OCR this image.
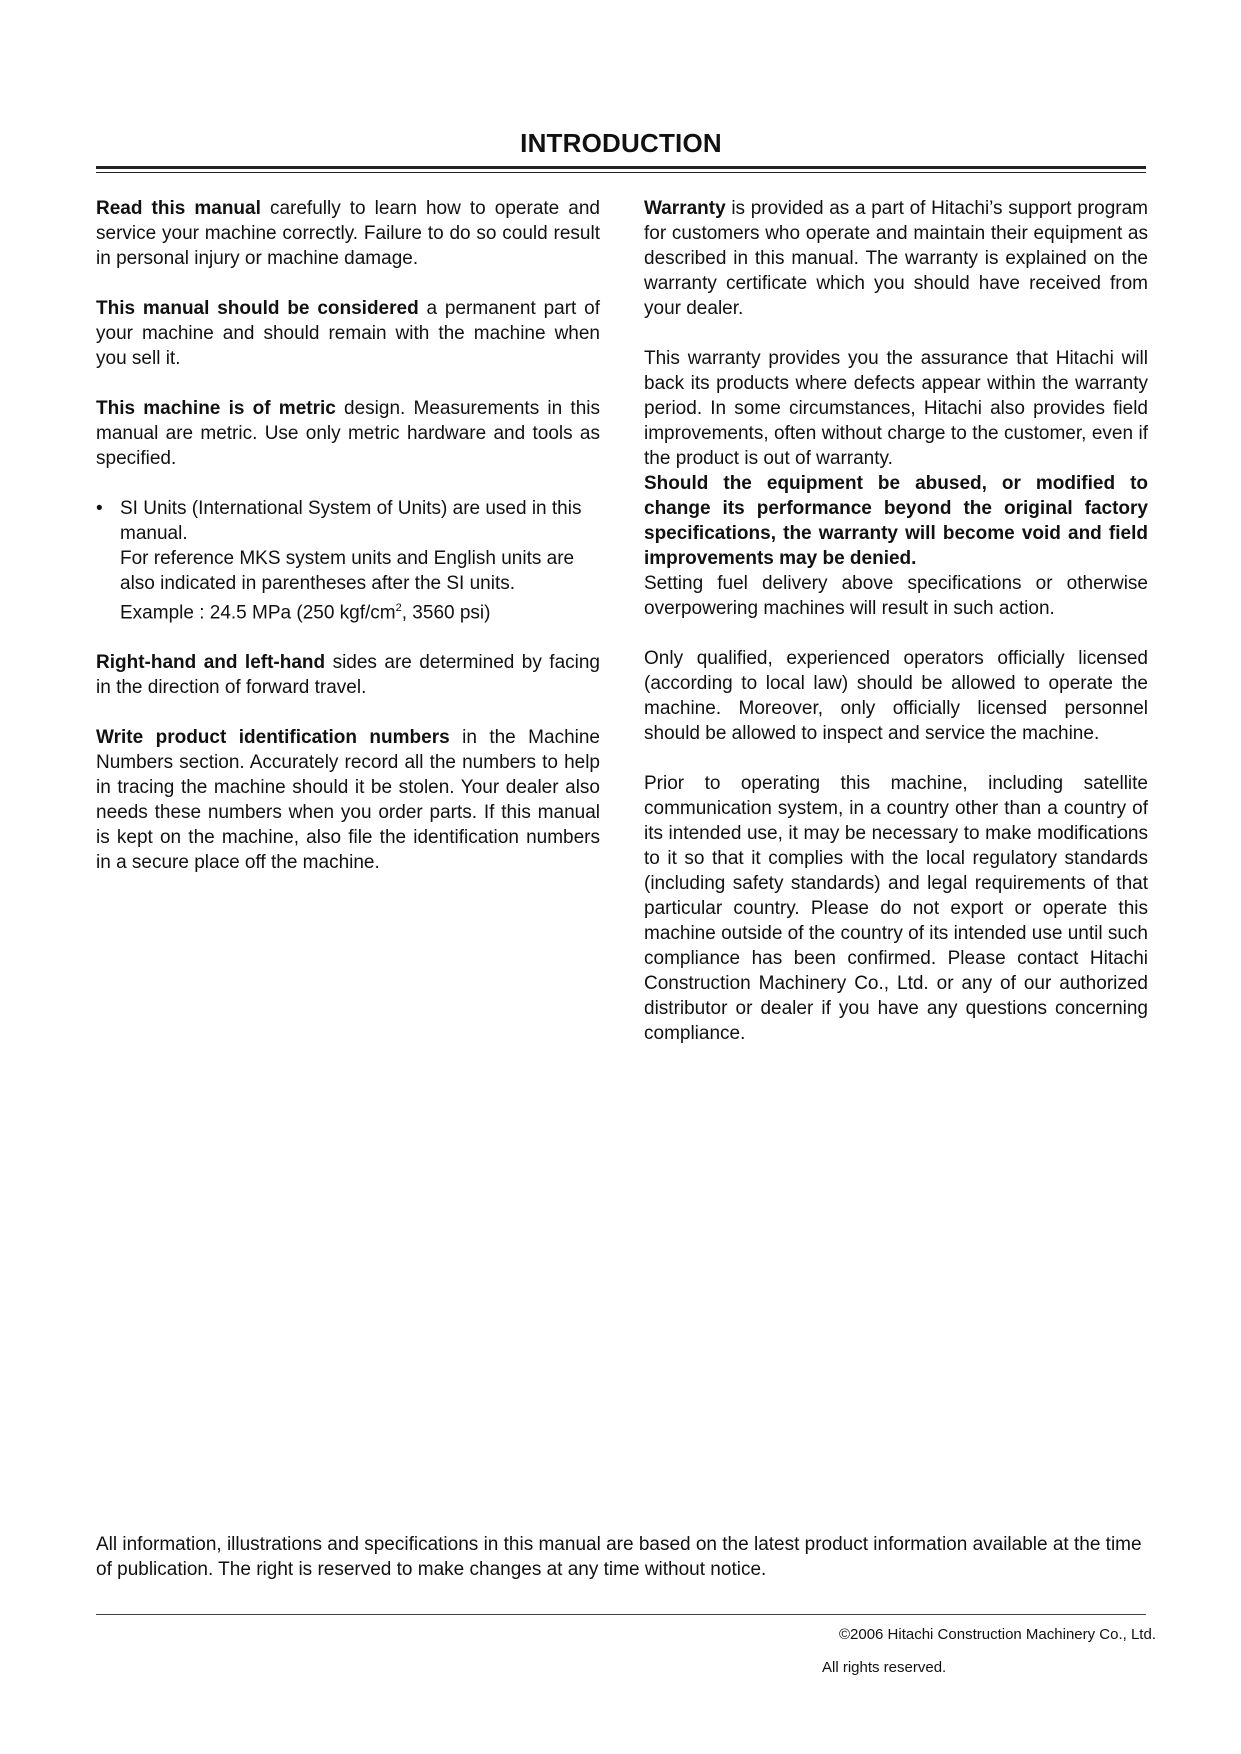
INTRODUCTION

Read this manual carefully to learn how to operate and service your machine correctly. Failure to do so could result in personal injury or machine damage.

This manual should be considered a permanent part of your machine and should remain with the machine when you sell it.

This machine is of metric design. Measurements in this manual are metric. Use only metric hardware and tools as specified.

• SI Units (International System of Units) are used in this manual.
For reference MKS system units and English units are also indicated in parentheses after the SI units.
Example : 24.5 MPa (250 kgf/$cm^2$, 3560 psi)

Right-hand and left-hand sides are determined by facing in the direction of forward travel.

Write product identification numbers in the Machine Numbers section. Accurately record all the numbers to help in tracing the machine should it be stolen. Your dealer also needs these numbers when you order parts. If this manual is kept on the machine, also file the identification numbers in a secure place off the machine.

Warranty is provided as a part of Hitachi’s support program for customers who operate and maintain their equipment as described in this manual. The warranty is explained on the warranty certificate which you should have received from your dealer.

This warranty provides you the assurance that Hitachi will back its products where defects appear within the warranty period. In some circumstances, Hitachi also provides field improvements, often without charge to the customer, even if the product is out of warranty.

Should the equipment be abused, or modified to change its performance beyond the original factory specifications, the warranty will become void and field improvements may be denied.

Setting fuel delivery above specifications or otherwise overpowering machines will result in such action.

Only qualified, experienced operators officially licensed (according to local law) should be allowed to operate the machine. Moreover, only officially licensed personnel should be allowed to inspect and service the machine.

Prior to operating this machine, including satellite communication system, in a country other than a country of its intended use, it may be necessary to make modifications to it so that it complies with the local regulatory standards (including safety standards) and legal requirements of that particular country. Please do not export or operate this machine outside of the country of its intended use until such compliance has been confirmed. Please contact Hitachi Construction Machinery Co., Ltd. or any of our authorized distributor or dealer if you have any questions concerning compliance.

All information, illustrations and specifications in this manual are based on the latest product information available at the time of publication. The right is reserved to make changes at any time without notice.

©2006 Hitachi Construction Machinery Co., Ltd.

All rights reserved.
